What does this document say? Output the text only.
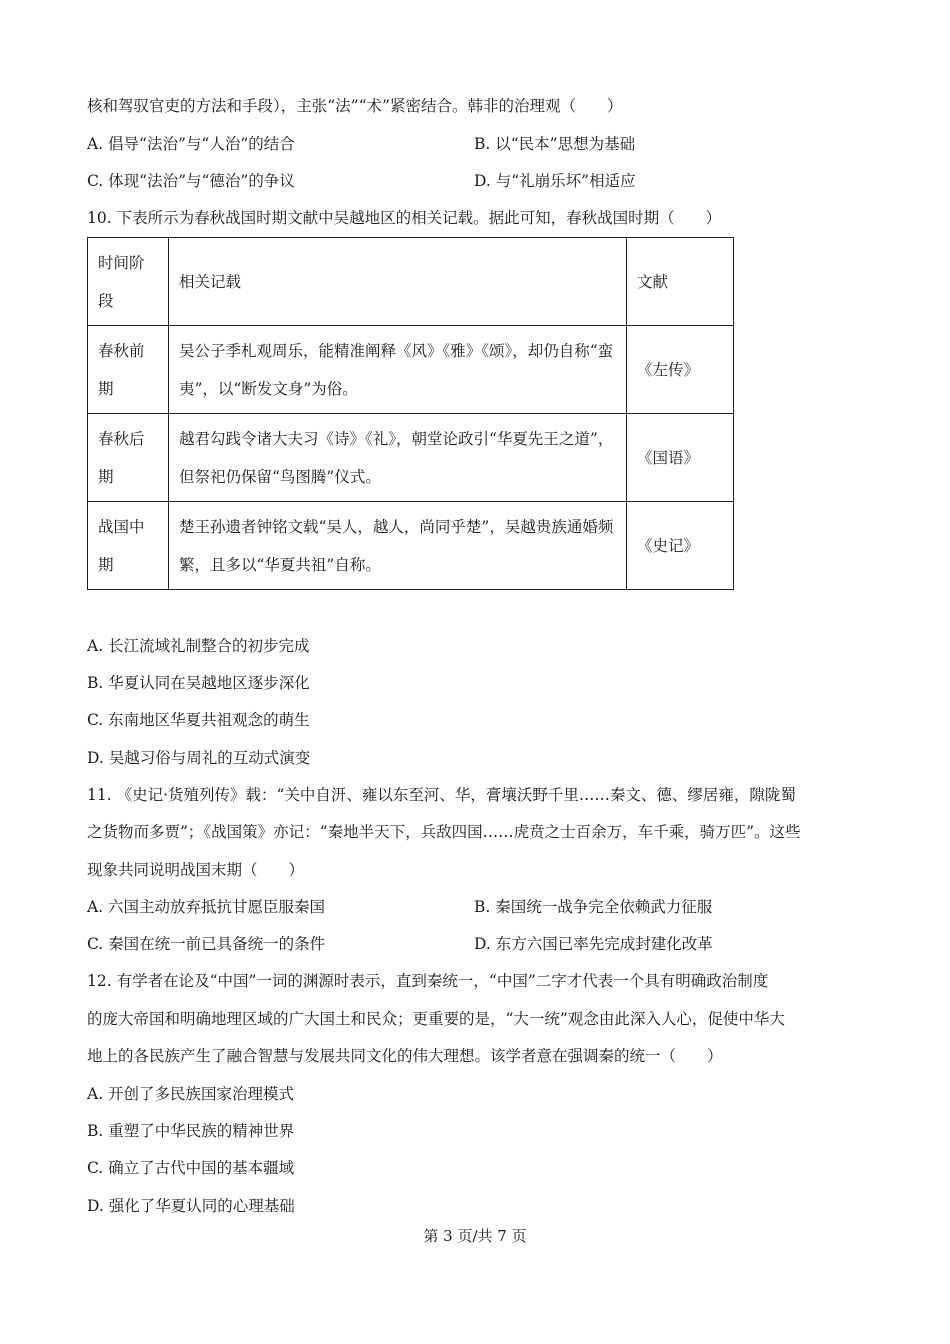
核和驾驭官吏的方法和手段），主张“法”“术”紧密结合。韩非的治理观（　　）
A. 倡导“法治”与“人治”的结合	B. 以“民本”思想为基础
C. 体现“法治”与“德治”的争议	D. 与“礼崩乐坏”相适应
10. 下表所示为春秋战国时期文献中吴越地区的相关记载。据此可知，春秋战国时期（　　）
时间阶段	相关记载	文献
春秋前期	吴公子季札观周乐，能精准阐释《风》《雅》《颂》，却仍自称“蛮夷”，以“断发文身”为俗。	《左传》
春秋后期	越君勾践令诸大夫习《诗》《礼》，朝堂论政引“华夏先王之道”，但祭祀仍保留“鸟图腾”仪式。	《国语》
战国中期	楚王孙遗者钟铭文载“吴人，越人，尚同乎楚”，吴越贵族通婚频繁，且多以“华夏共祖”自称。	《史记》
A. 长江流域礼制整合的初步完成
B. 华夏认同在吴越地区逐步深化
C. 东南地区华夏共祖观念的萌生
D. 吴越习俗与周礼的互动式演变
11. 《史记·货殖列传》载：“关中自汧、雍以东至河、华，膏壤沃野千里……秦文、德、缪居雍，隙陇蜀
之货物而多贾”；《战国策》亦记：“秦地半天下，兵敌四国……虎贲之士百余万，车千乘，骑万匹”。这些
现象共同说明战国末期（　　）
A. 六国主动放弃抵抗甘愿臣服秦国	B. 秦国统一战争完全依赖武力征服
C. 秦国在统一前已具备统一的条件	D. 东方六国已率先完成封建化改革
12. 有学者在论及“中国”一词的渊源时表示，直到秦统一，“中国”二字才代表一个具有明确政治制度
的庞大帝国和明确地理区域的广大国土和民众；更重要的是，“大一统”观念由此深入人心，促使中华大
地上的各民族产生了融合智慧与发展共同文化的伟大理想。该学者意在强调秦的统一（　　）
A. 开创了多民族国家治理模式
B. 重塑了中华民族的精神世界
C. 确立了古代中国的基本疆域
D. 强化了华夏认同的心理基础
第 3 页/共 7 页
